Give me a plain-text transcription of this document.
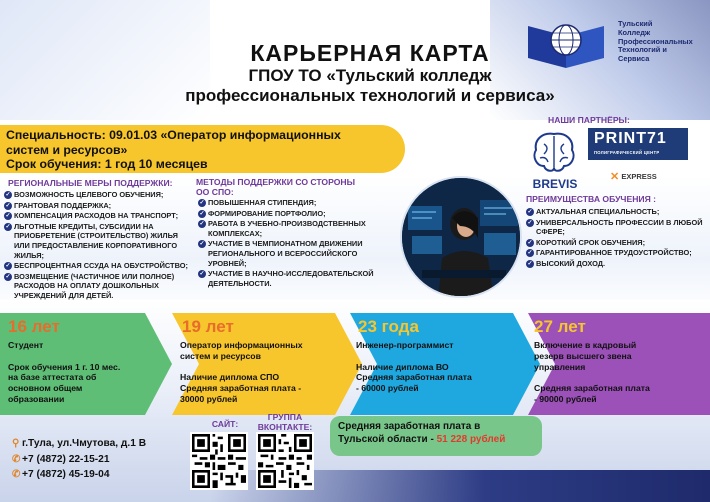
КАРЬЕРНАЯ КАРТА
ГПОУ ТО «Тульский колледж
профессиональных технологий и сервиса»
Тульский
Колледж
Профессиональных
Технологий и
Сервиса
Специальность: 09.01.03 «Оператор информационных
систем и ресурсов»
Срок обучения: 1 год 10 месяцев
РЕГИОНАЛЬНЫЕ МЕРЫ ПОДДЕРЖКИ:
✓ ВОЗМОЖНОСТЬ ЦЕЛЕВОГО ОБУЧЕНИЯ;
✓ ГРАНТОВАЯ ПОДДЕРЖКА;
✓ КОМПЕНСАЦИЯ РАСХОДОВ НА ТРАНСПОРТ;
✓ ЛЬГОТНЫЕ КРЕДИТЫ, СУБСИДИИ НА ПРИОБРЕТЕНИЕ (СТРОИТЕЛЬСТВО) ЖИЛЬЯ ИЛИ ПРЕДОСТАВЛЕНИЕ КОРПОРАТИВНОГО ЖИЛЬЯ;
✓ БЕСПРОЦЕНТНАЯ ССУДА НА ОБУСТРОЙСТВО;
✓ ВОЗМЕЩЕНИЕ (ЧАСТИЧНОЕ ИЛИ ПОЛНОЕ) РАСХОДОВ НА ОПЛАТУ ДОШКОЛЬНЫХ УЧРЕЖДЕНИЙ ДЛЯ ДЕТЕЙ.
МЕТОДЫ ПОДДЕРЖКИ СО СТОРОНЫ
ОО СПО:
✓ ПОВЫШЕННАЯ СТИПЕНДИЯ;
✓ ФОРМИРОВАНИЕ ПОРТФОЛИО;
✓ РАБОТА В УЧЕБНО-ПРОИЗВОДСТВЕННЫХ КОМПЛЕКСАХ;
✓ УЧАСТИЕ В ЧЕМПИОНАТНОМ ДВИЖЕНИИ РЕГИОНАЛЬНОГО И ВСЕРОССИЙСКОГО УРОВНЕЙ;
✓ УЧАСТИЕ В НАУЧНО-ИССЛЕДОВАТЕЛЬСКОЙ ДЕЯТЕЛЬНОСТИ.
НАШИ ПАРТНЁРЫ:
BREVIS
PRINT71
ПОЛИГРАФИЧЕСКИЙ ЦЕНТР
✕ EXPRESS
ПРЕИМУЩЕСТВА ОБУЧЕНИЯ :
✓ АКТУАЛЬНАЯ СПЕЦИАЛЬНОСТЬ;
✓ УНИВЕРСАЛЬНОСТЬ ПРОФЕССИИ В ЛЮБОЙ СФЕРЕ;
✓ КОРОТКИЙ СРОК ОБУЧЕНИЯ;
✓ ГАРАНТИРОВАННОЕ ТРУДОУСТРОЙСТВО;
✓ ВЫСОКИЙ ДОХОД.
16 лет

Студент

Срок обучения 1 г. 10 мес.
на базе аттестата об
основном общем
образовании

19 лет

Оператор информационных
систем и ресурсов

Наличие диплома СПО
Средняя заработная плата -
30000 рублей

23 года

Инженер-программист

Наличие диплома ВО
Средняя заработная плата
- 60000 рублей

27 лет

Включение в кадровый
резерв высшего звена
управления

Средняя заработная плата
- 90000 рублей

⚲ г.Тула, ул.Чмутова, д.1 В
✆ +7 (4872) 22-15-21
✆ +7 (4872) 45-19-04
САЙТ:
ГРУППА
ВКОНТАКТЕ:	Средняя заработная плата в
Тульской области - 51 228 рублей
